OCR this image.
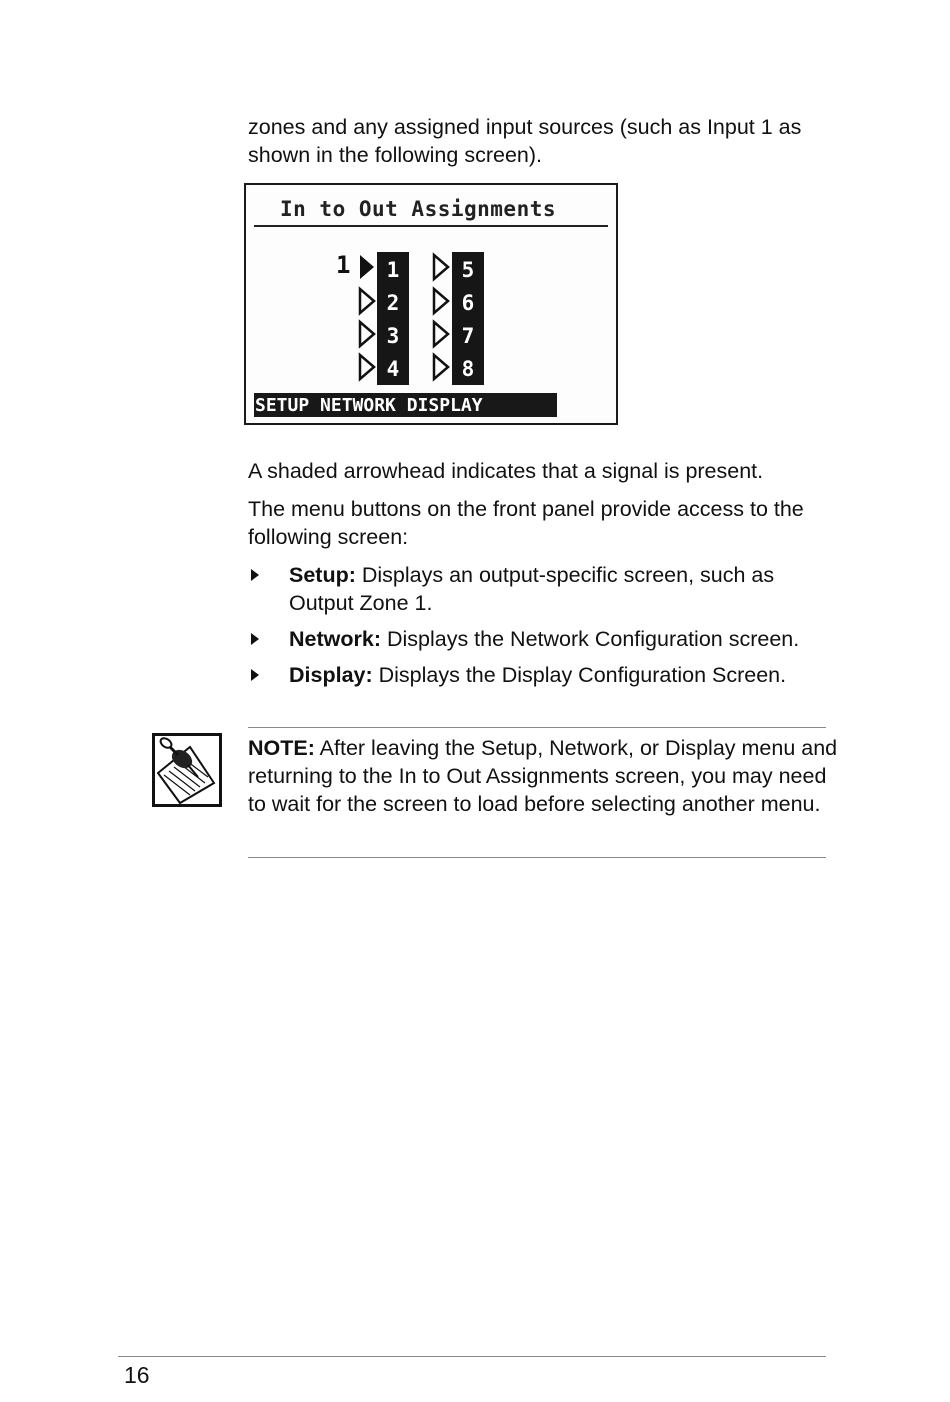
zones and any assigned input sources (such as Input 1 as shown in the following screen).

In to Out Assignments
1	1
2
3
4
5
6
7
8
SETUP NETWORK DISPLAY

A shaded arrowhead indicates that a signal is present.

The menu buttons on the front panel provide access to the following screen:

Setup: Displays an output-specific screen, such as Output Zone 1.
Network: Displays the Network Configuration screen.
Display: Displays the Display Configuration Screen.
NOTE: After leaving the Setup, Network, or Display menu and returning to the In to Out Assignments screen, you may need to wait for the screen to load before selecting another menu.
16
